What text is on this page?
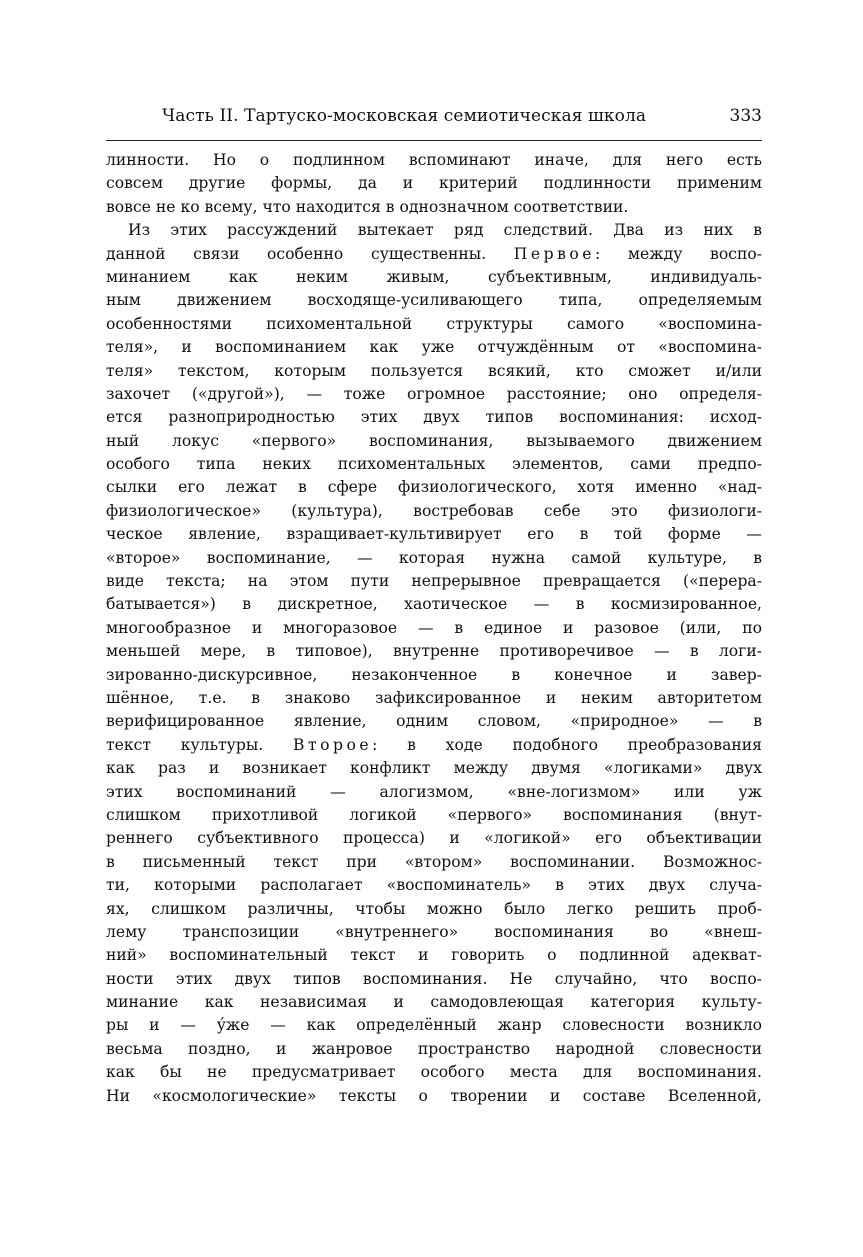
Часть II. Тартуско-московская семиотическая школа	333
линности. Но о подлинном вспоминают иначе, для него есть
совсем другие формы, да и критерий подлинности применим
вовсе не ко всему, что находится в однозначном соответствии.
Из этих рассуждений вытекает ряд следствий. Два из них в
данной связи особенно существенны. Первое: между воспо-
минанием как неким живым, субъективным, индивидуаль-
ным движением восходяще-усиливающего типа, определяемым
особенностями психоментальной структуры самого «воспомина-
теля», и воспоминанием как уже отчуждённым от «воспомина-
теля» текстом, которым пользуется всякий, кто сможет и/или
захочет («другой»), — тоже огромное расстояние; оно определя-
ется разноприродностью этих двух типов воспоминания: исход-
ный локус «первого» воспоминания, вызываемого движением
особого типа неких психоментальных элементов, сами предпо-
сылки его лежат в сфере физиологического, хотя именно «над-
физиологическое» (культура), востребовав себе это физиологи-
ческое явление, взращивает-культивирует его в той форме —
«второе» воспоминание, — которая нужна самой культуре, в
виде текста; на этом пути непрерывное превращается («перера-
батывается») в дискретное, хаотическое — в космизированное,
многообразное и многоразовое — в единое и разовое (или, по
меньшей мере, в типовое), внутренне противоречивое — в логи-
зированно-дискурсивное, незаконченное в конечное и завер-
шённое, т.е. в знаково зафиксированное и неким авторитетом
верифицированное явление, одним словом, «природное» — в
текст культуры. Второе: в ходе подобного преобразования
как раз и возникает конфликт между двумя «логиками» двух
этих воспоминаний — алогизмом, «вне-логизмом» или уж
слишком прихотливой логикой «первого» воспоминания (внут-
реннего субъективного процесса) и «логикой» его объективации
в письменный текст при «втором» воспоминании. Возможнос-
ти, которыми располагает «воспоминатель» в этих двух случа-
ях, слишком различны, чтобы можно было легко решить проб-
лему транспозиции «внутреннего» воспоминания во «внеш-
ний» воспоминательный текст и говорить о подлинной адекват-
ности этих двух типов воспоминания. Не случайно, что воспо-
минание как независимая и самодовлеющая категория культу-
ры и — у́же — как определённый жанр словесности возникло
весьма поздно, и жанровое пространство народной словесности
как бы не предусматривает особого места для воспоминания.
Ни «космологические» тексты о творении и составе Вселенной,
